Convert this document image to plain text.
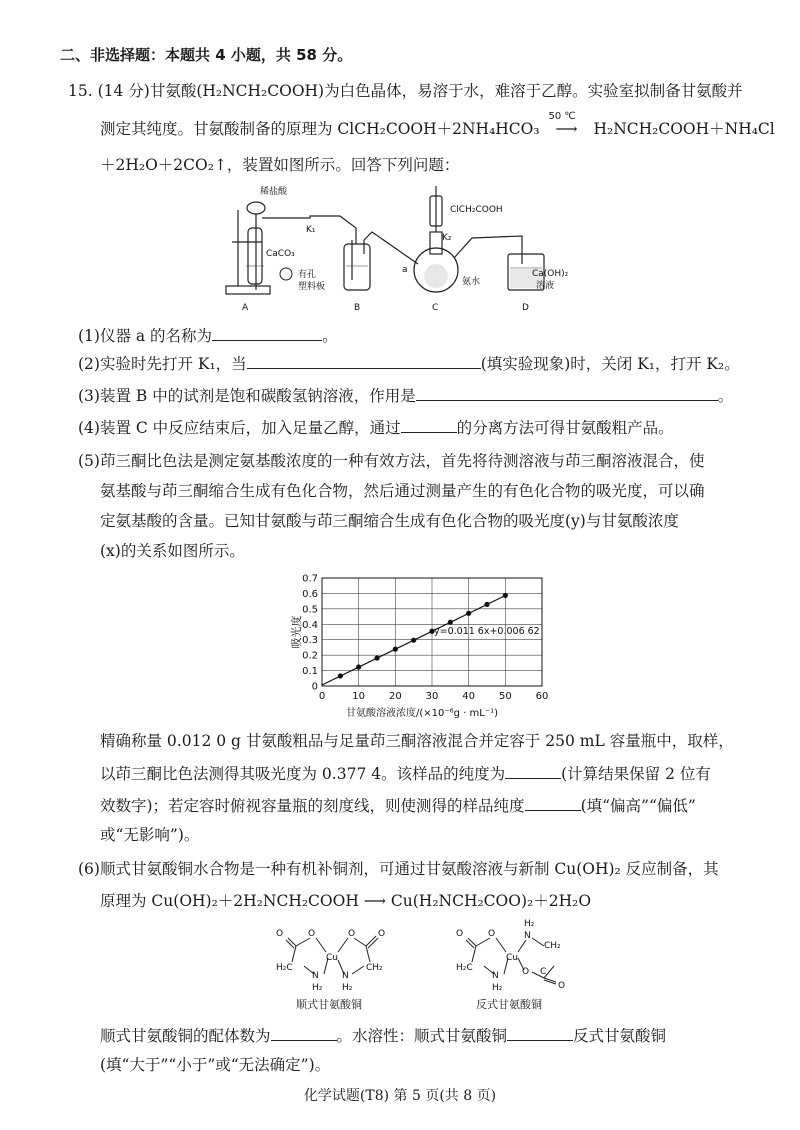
二、非选择题：本题共 4 小题，共 58 分。
15. (14 分)甘氨酸(H₂NCH₂COOH)为白色晶体，易溶于水，难溶于乙醇。实验室拟制备甘氨酸并
测定其纯度。甘氨酸制备的原理为 ClCH₂COOH＋2NH₄HCO₃
50 ℃
⟶ H₂NCH₂COOH＋NH₄Cl
＋2H₂O＋2CO₂↑，装置如图所示。回答下列问题：
稀盐酸
K₁
CaCO₃
有孔
塑料板
ClCH₂COOH
K₂
a
氨水
Ca(OH)₂
溶液
A	B	C	D
(1)仪器 a 的名称为	。
(2)实验时先打开 K₁，当	(填实验现象)时，关闭 K₁，打开 K₂。
(3)装置 B 中的试剂是饱和碳酸氢钠溶液，作用是	。
(4)装置 C 中反应结束后，加入足量乙醇，通过	的分离方法可得甘氨酸粗产品。
(5)茚三酮比色法是测定氨基酸浓度的一种有效方法，首先将待测溶液与茚三酮溶液混合，使
氨基酸与茚三酮缩合生成有色化合物，然后通过测量产生的有色化合物的吸光度，可以确
定氨基酸的含量。已知甘氨酸与茚三酮缩合生成有色化合物的吸光度(y)与甘氨酸浓度
(x)的关系如图所示。
0
0.1
0.2
0.3
0.4
0.5
0.6
0.7
0	10 20 30 40 50 60
y=0.011 6x+0.006 62
吸光度
甘氨酸溶液浓度/(×10⁻⁶g · mL⁻¹)
精确称量 0.012 0 g 甘氨酸粗品与足量茚三酮溶液混合并定容于 250 mL 容量瓶中，取样，
以茚三酮比色法测得其吸光度为 0.377 4。该样品的纯度为	(计算结果保留 2 位有
效数字)；若定容时俯视容量瓶的刻度线，则使测得的样品纯度	(填“偏高”“偏低”
或“无影响”)。
(6)顺式甘氨酸铜水合物是一种有机补铜剂，可通过甘氨酸溶液与新制 Cu(OH)₂ 反应制备，其
原理为 Cu(OH)₂＋2H₂NCH₂COOH ⟶ Cu(H₂NCH₂COO)₂＋2H₂O
O	O
Cu
O	O
H₂C
N
H₂
N
H₂
CH₂
顺式甘氨酸铜
O	O
Cu
H₂
N
CH₂
H₂C
N
H₂
O C
O
反式甘氨酸铜
顺式甘氨酸铜的配体数为	。水溶性：顺式甘氨酸铜	反式甘氨酸铜
(填“大于”“小于”或“无法确定”)。
化学试题(T8) 第 5 页(共 8 页)
